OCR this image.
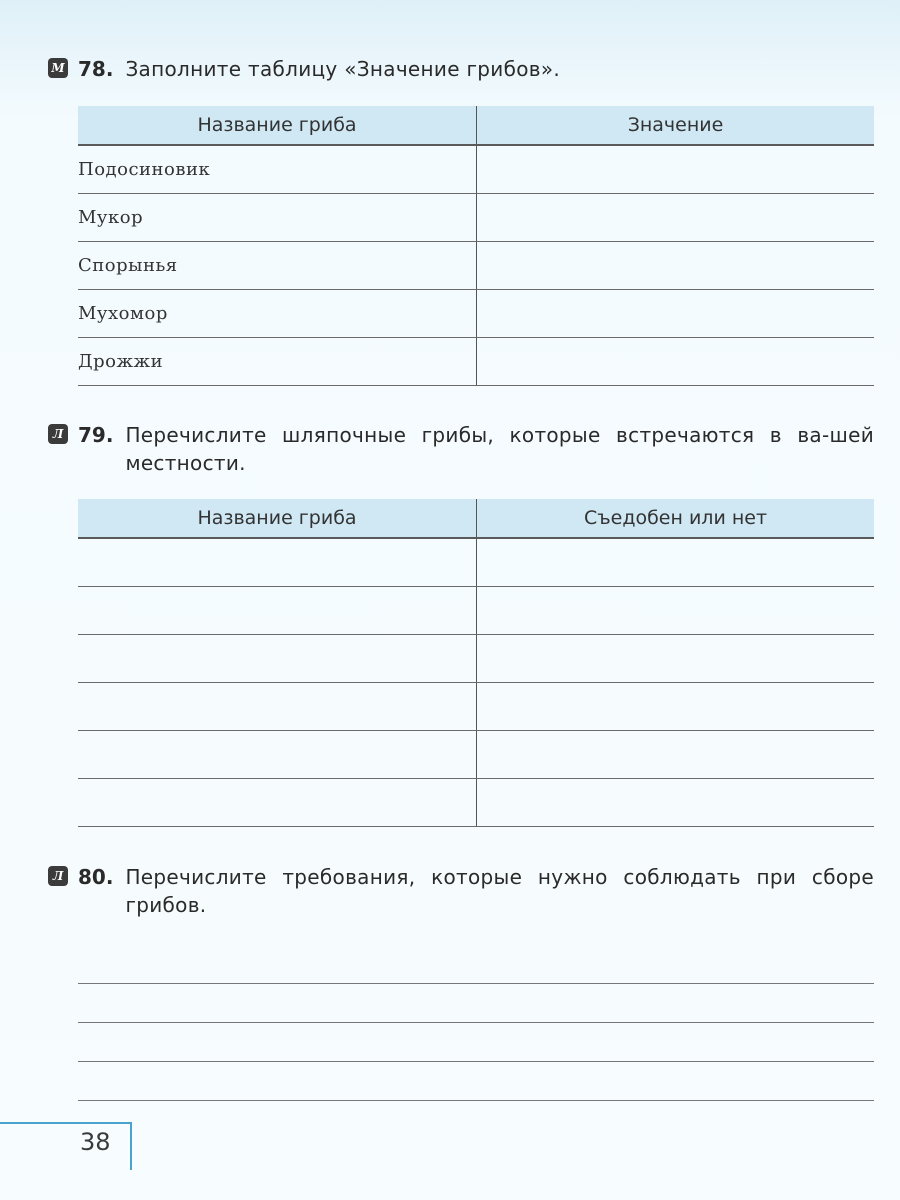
М 78. Заполните таблицу «Значение грибов».
Название гриба	Значение
Подосиновик	
Мукор	
Спорынья	
Мухомор	
Дрожжи	
Л 79. Перечислите шляпочные грибы, которые встречаются в ва-шей местности.
Название гриба	Съедобен или нет

Л 80. Перечислите требования, которые нужно соблюдать при сборе грибов.
38
